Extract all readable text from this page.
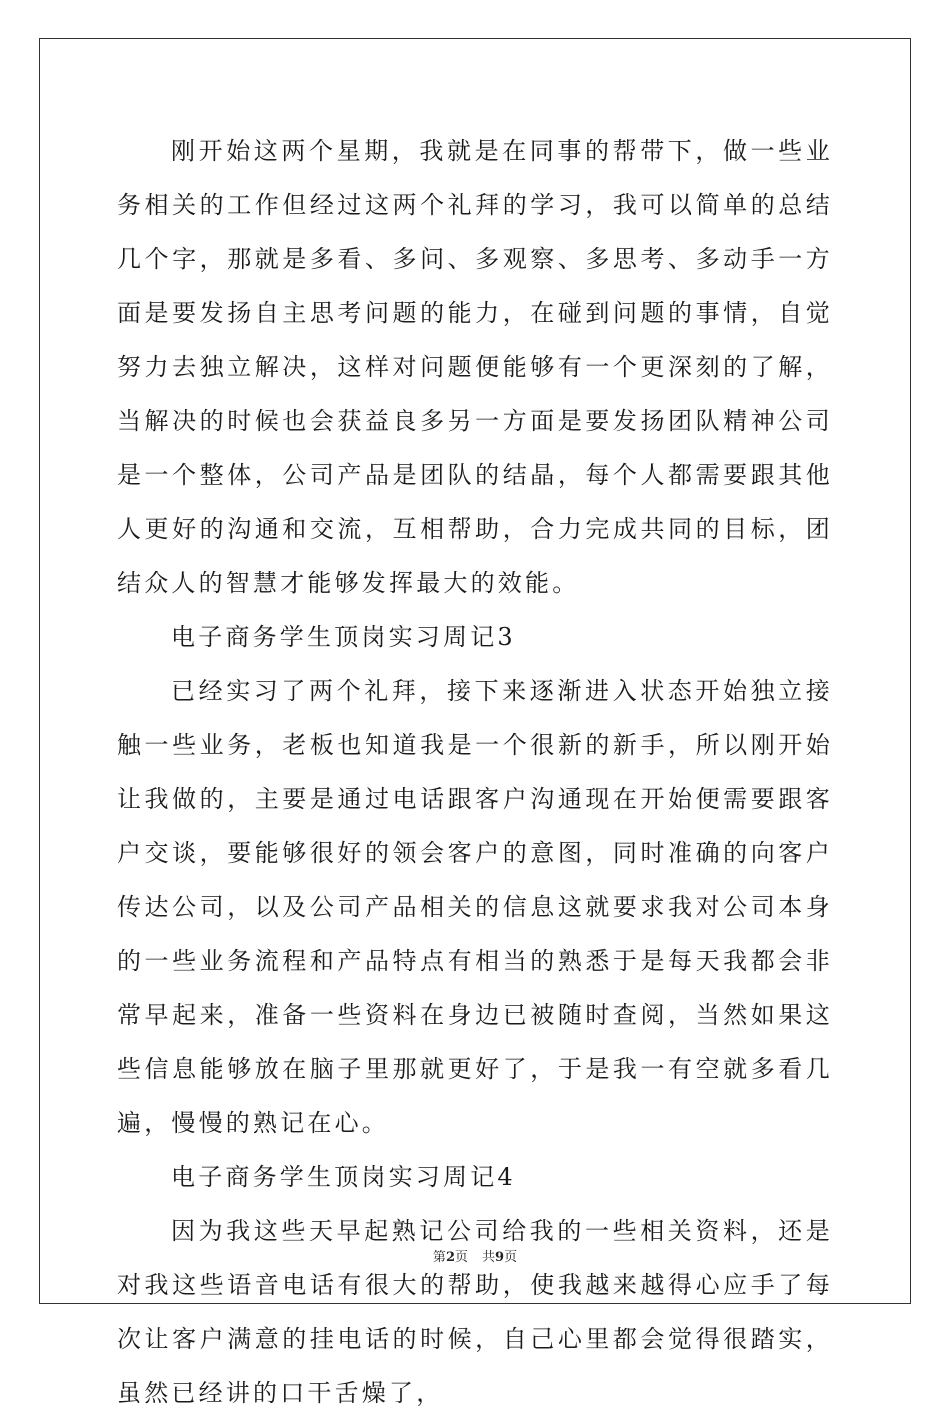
刚开始这两个星期，我就是在同事的帮带下，做一些业务相关的工作但经过这两个礼拜的学习，我可以简单的总结几个字，那就是多看、多问、多观察、多思考、多动手一方面是要发扬自主思考问题的能力，在碰到问题的事情，自觉努力去独立解决，这样对问题便能够有一个更深刻的了解，当解决的时候也会获益良多另一方面是要发扬团队精神公司是一个整体，公司产品是团队的结晶，每个人都需要跟其他人更好的沟通和交流，互相帮助，合力完成共同的目标，团结众人的智慧才能够发挥最大的效能。

电子商务学生顶岗实习周记3

已经实习了两个礼拜，接下来逐渐进入状态开始独立接触一些业务，老板也知道我是一个很新的新手，所以刚开始让我做的，主要是通过电话跟客户沟通现在开始便需要跟客户交谈，要能够很好的领会客户的意图，同时准确的向客户传达公司，以及公司产品相关的信息这就要求我对公司本身的一些业务流程和产品特点有相当的熟悉于是每天我都会非常早起来，准备一些资料在身边已被随时查阅，当然如果这些信息能够放在脑子里那就更好了，于是我一有空就多看几遍，慢慢的熟记在心。

电子商务学生顶岗实习周记4

因为我这些天早起熟记公司给我的一些相关资料，还是对我这些语音电话有很大的帮助，使我越来越得心应手了每次让客户满意的挂电话的时候，自己心里都会觉得很踏实，虽然已经讲的口干舌燥了，

第2页 共9页
